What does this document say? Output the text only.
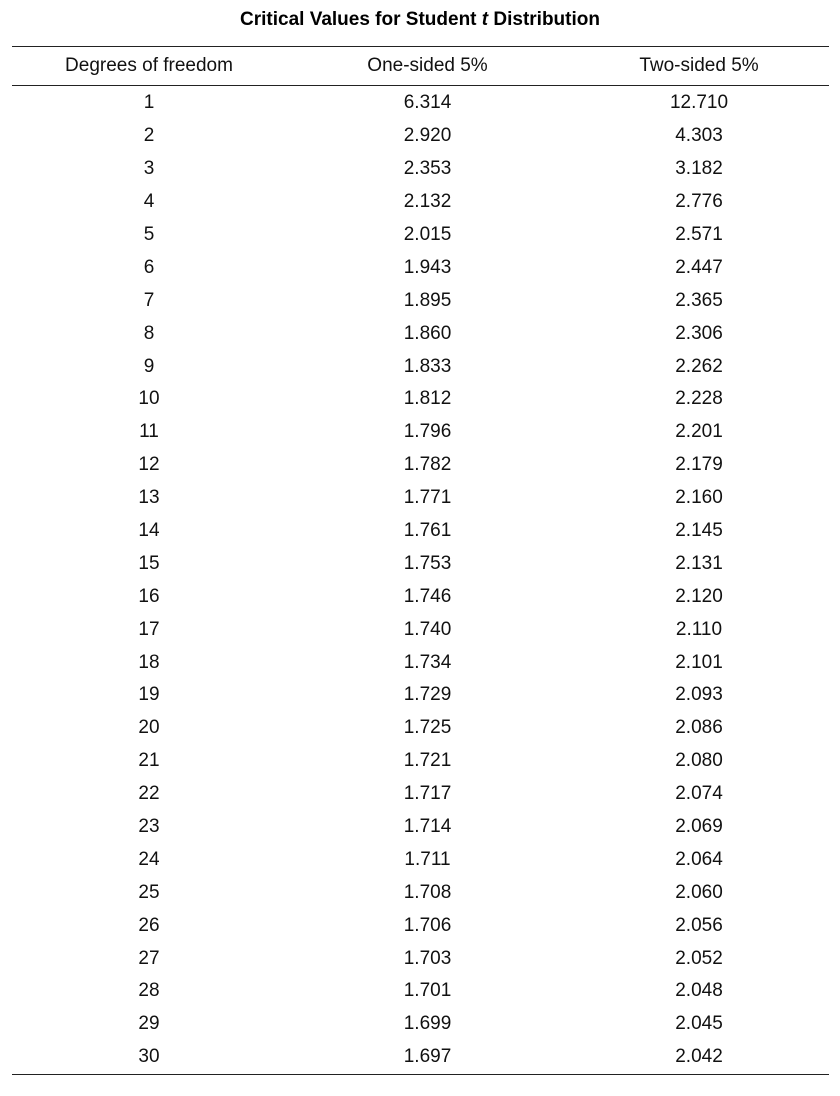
Critical Values for Student t Distribution
Degrees of freedom	One-sided 5%	Two-sided 5%
1	6.314	12.710
2	2.920	4.303
3	2.353	3.182
4	2.132	2.776
5	2.015	2.571
6	1.943	2.447
7	1.895	2.365
8	1.860	2.306
9	1.833	2.262
10	1.812	2.228
11	1.796	2.201
12	1.782	2.179
13	1.771	2.160
14	1.761	2.145
15	1.753	2.131
16	1.746	2.120
17	1.740	2.110
18	1.734	2.101
19	1.729	2.093
20	1.725	2.086
21	1.721	2.080
22	1.717	2.074
23	1.714	2.069
24	1.711	2.064
25	1.708	2.060
26	1.706	2.056
27	1.703	2.052
28	1.701	2.048
29	1.699	2.045
30	1.697	2.042
